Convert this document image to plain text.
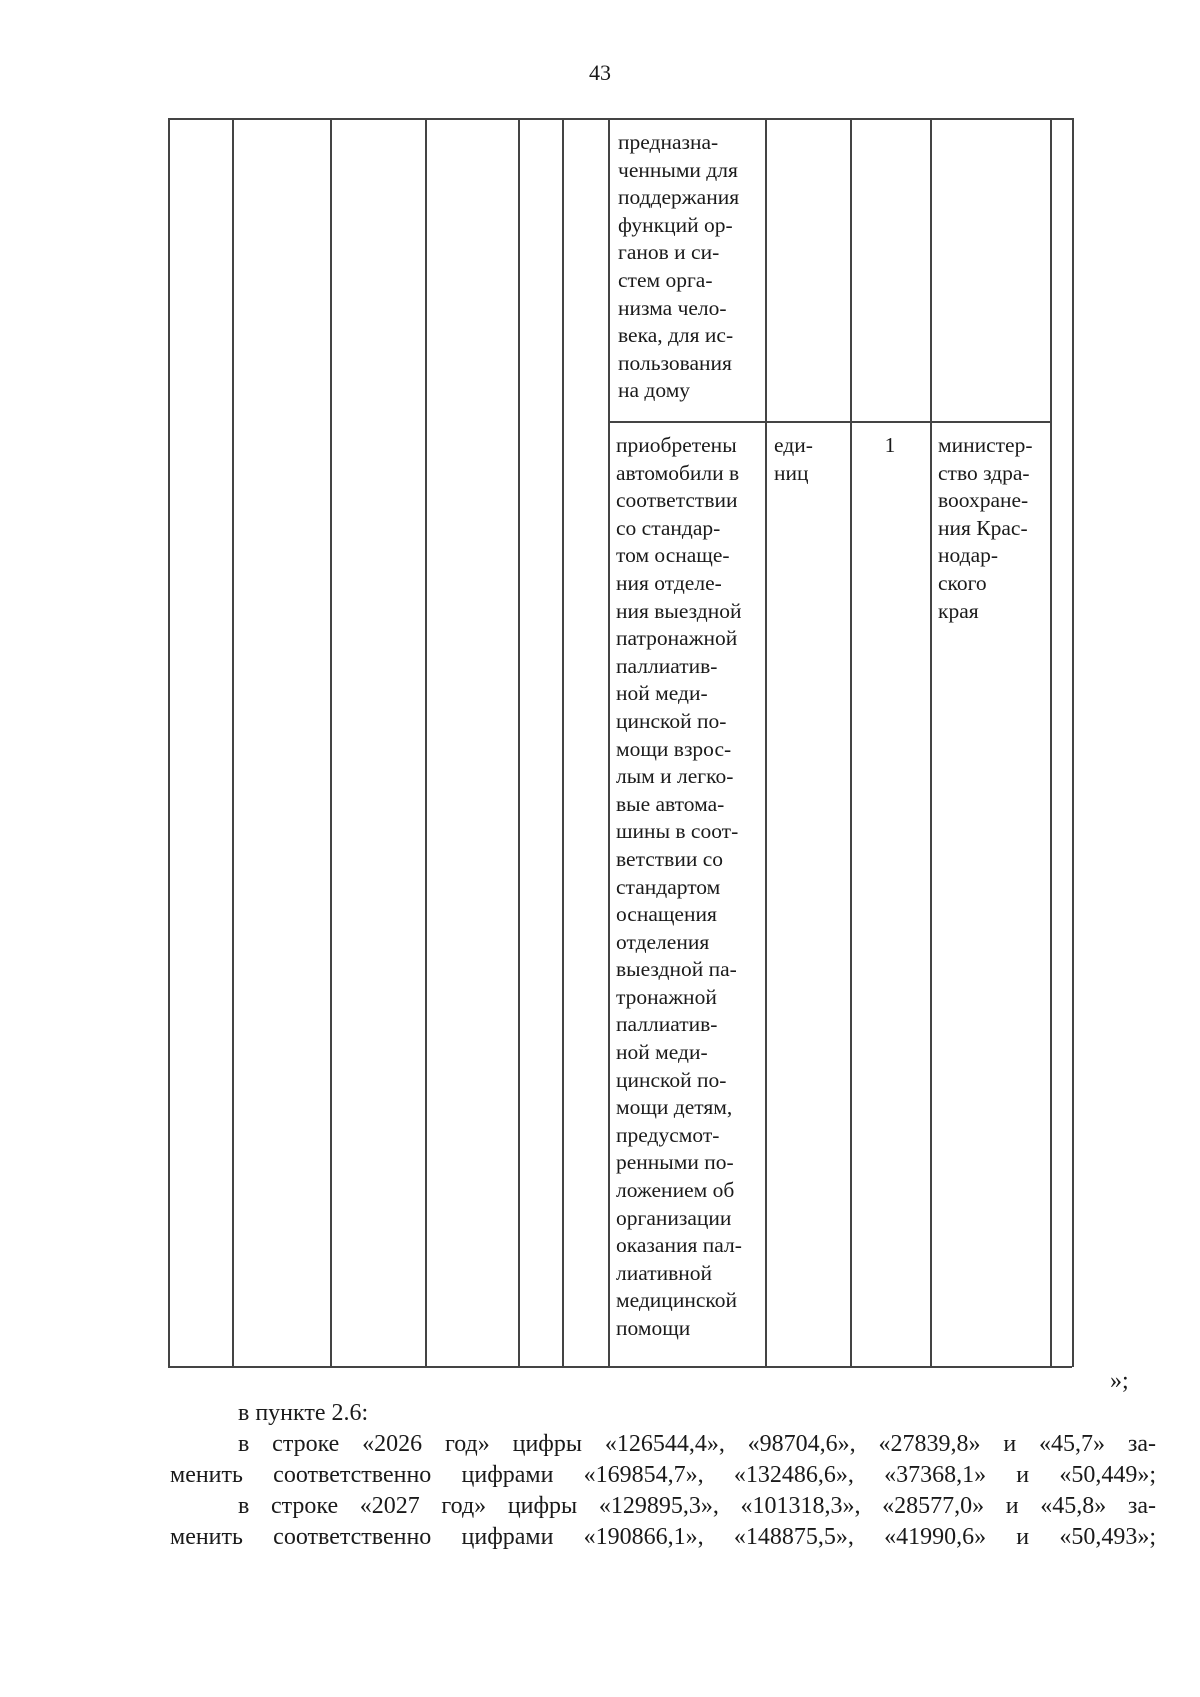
43
предназна-
ченными для
поддержания
функций ор-
ганов и си-
стем орга-
низма чело-
века, для ис-
пользования
на дому
приобретены
автомобили в
соответствии
со стандар-
том оснаще-
ния отделе-
ния выездной
патронажной
паллиатив-
ной меди-
цинской по-
мощи взрос-
лым и легко-
вые автома-
шины в соот-
ветствии со
стандартом
оснащения
отделения
выездной па-
тронажной
паллиатив-
ной меди-
цинской по-
мощи детям,
предусмот-
ренными по-
ложением об
организации
оказания пал-
лиативной
медицинской
помощи
еди-
ниц
1	министер-
ство здра-
воохране-
ния Крас-
нодар-
ского
края
»;
в пункте 2.6:
в строке «2026 год» цифры «126544,4», «98704,6», «27839,8» и «45,7» за-
менить соответственно цифрами «169854,7», «132486,6», «37368,1» и «50,449»;
в строке «2027 год» цифры «129895,3», «101318,3», «28577,0» и «45,8» за-
менить соответственно цифрами «190866,1», «148875,5», «41990,6» и «50,493»;
